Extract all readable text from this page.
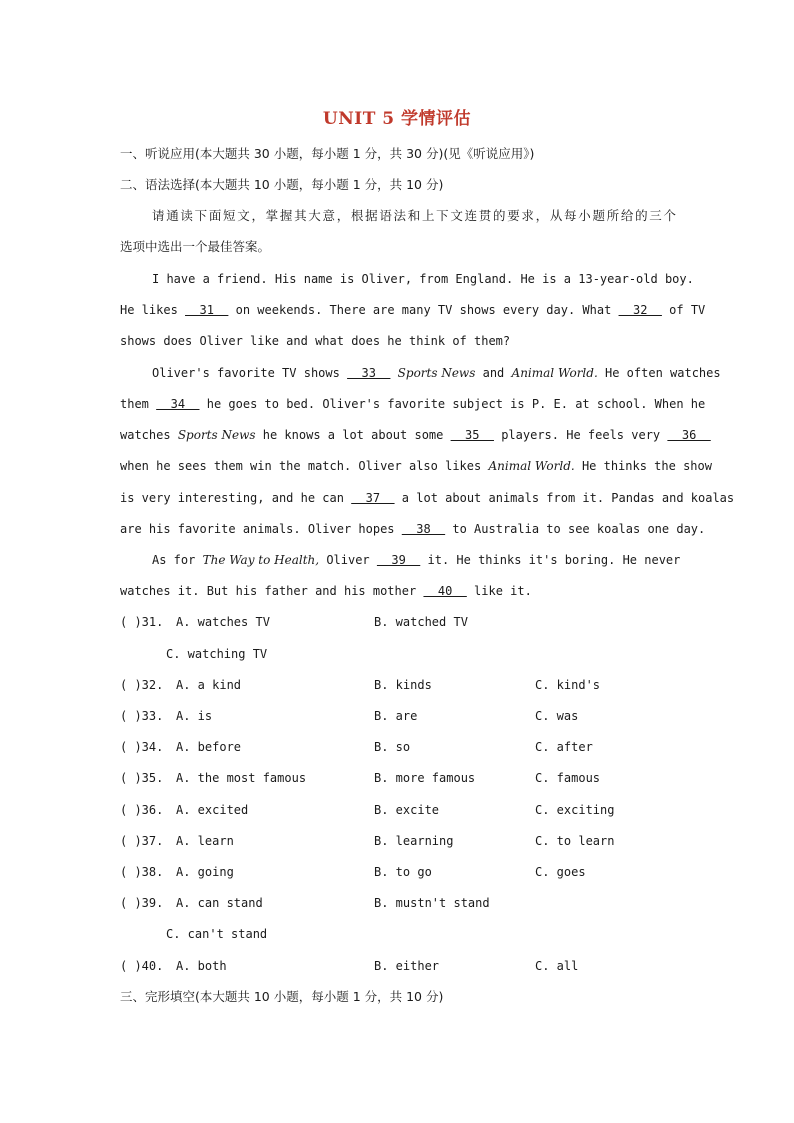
UNIT 5 学情评估
一、听说应用(本大题共 30 小题，每小题 1 分，共 30 分)(见《听说应用》)
二、语法选择(本大题共 10 小题，每小题 1 分，共 10 分)
请通读下面短文，掌握其大意，根据语法和上下文连贯的要求，从每小题所给的三个
选项中选出一个最佳答案。
I have a friend. His name is Oliver, from England. He is a 13-year-old boy.
He likes   31   on weekends. There are many TV shows every day. What   32   of TV
shows does Oliver like and what does he think of them?
Oliver's favorite TV shows   33   Sports News and Animal World. He often watches
them   34   he goes to bed. Oliver's favorite subject is P. E. at school. When he
watches Sports News he knows a lot about some   35   players. He feels very   36
when he sees them win the match. Oliver also likes Animal World. He thinks the show
is very interesting, and he can   37   a lot about animals from it. Pandas and koalas
are his favorite animals. Oliver hopes   38   to Australia to see koalas one day.
As for The Way to Health, Oliver   39   it. He thinks it's boring. He never
watches it. But his father and his mother   40   like it.
( )31. A. watches TV	B. watched TV
C. watching TV
( )32. A. a kind	B. kinds	C. kind's
( )33. A. is	B. are	C. was
( )34. A. before	B. so	C. after
( )35. A. the most famous	B. more famous	C. famous
( )36. A. excited	B. excite	C. exciting
( )37. A. learn	B. learning	C. to learn
( )38. A. going	B. to go	C. goes
( )39. A. can stand	B. mustn't stand
C. can't stand
( )40. A. both	B. either	C. all
三、完形填空(本大题共 10 小题，每小题 1 分，共 10 分)
